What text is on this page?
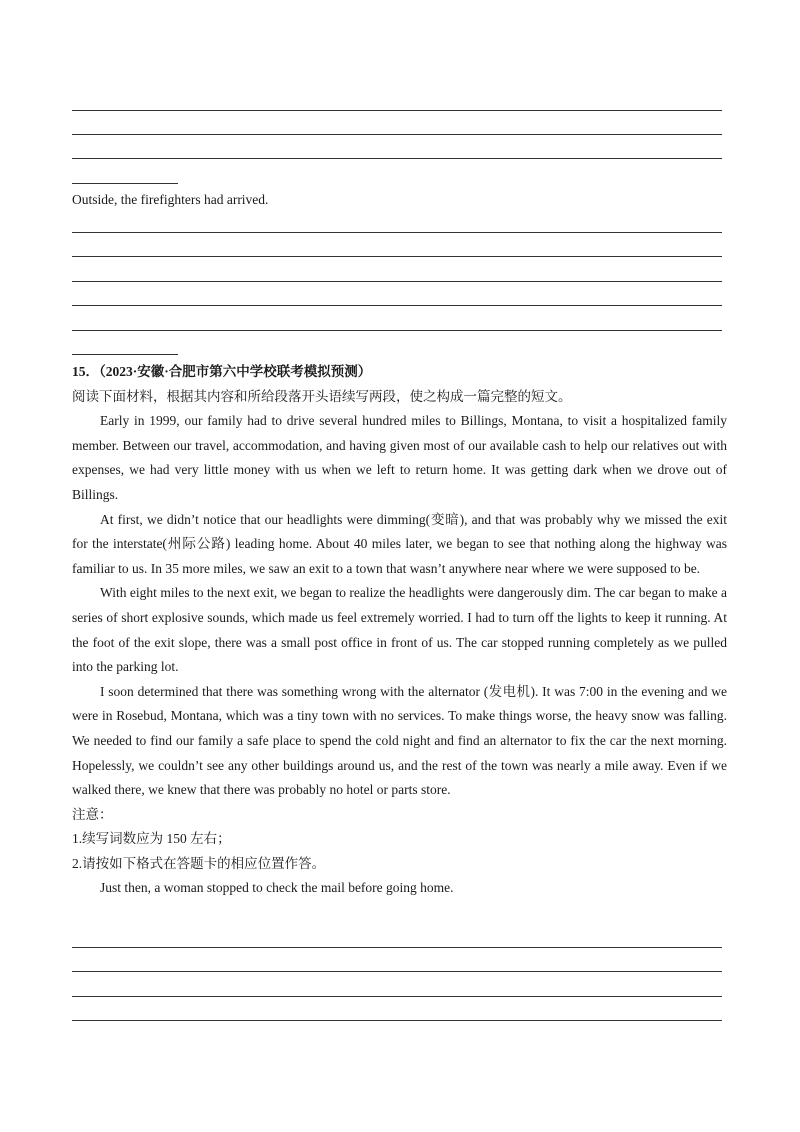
Outside, the firefighters had arrived.

15．（2023·安徽·合肥市第六中学校联考模拟预测）
阅读下面材料，根据其内容和所给段落开头语续写两段，使之构成一篇完整的短文。
Early in 1999, our family had to drive several hundred miles to Billings, Montana, to visit a hospitalized family member. Between our travel, accommodation, and having given most of our available cash to help our relatives out with expenses, we had very little money with us when we left to return home. It was getting dark when we drove out of Billings.
At first, we didn’t notice that our headlights were dimming(变暗), and that was probably why we missed the exit for the interstate(州际公路) leading home. About 40 miles later, we began to see that nothing along the highway was familiar to us. In 35 more miles, we saw an exit to a town that wasn’t anywhere near where we were supposed to be.
With eight miles to the next exit, we began to realize the headlights were dangerously dim. The car began to make a series of short explosive sounds, which made us feel extremely worried. I had to turn off the lights to keep it running. At the foot of the exit slope, there was a small post office in front of us. The car stopped running completely as we pulled into the parking lot.
I soon determined that there was something wrong with the alternator (发电机). It was 7:00 in the evening and we were in Rosebud, Montana, which was a tiny town with no services. To make things worse, the heavy snow was falling. We needed to find our family a safe place to spend the cold night and find an alternator to fix the car the next morning. Hopelessly, we couldn’t see any other buildings around us, and the rest of the town was nearly a mile away. Even if we walked there, we knew that there was probably no hotel or parts store.
注意：
1.续写词数应为 150 左右；
2.请按如下格式在答题卡的相应位置作答。
Just then, a woman stopped to check the mail before going home.
